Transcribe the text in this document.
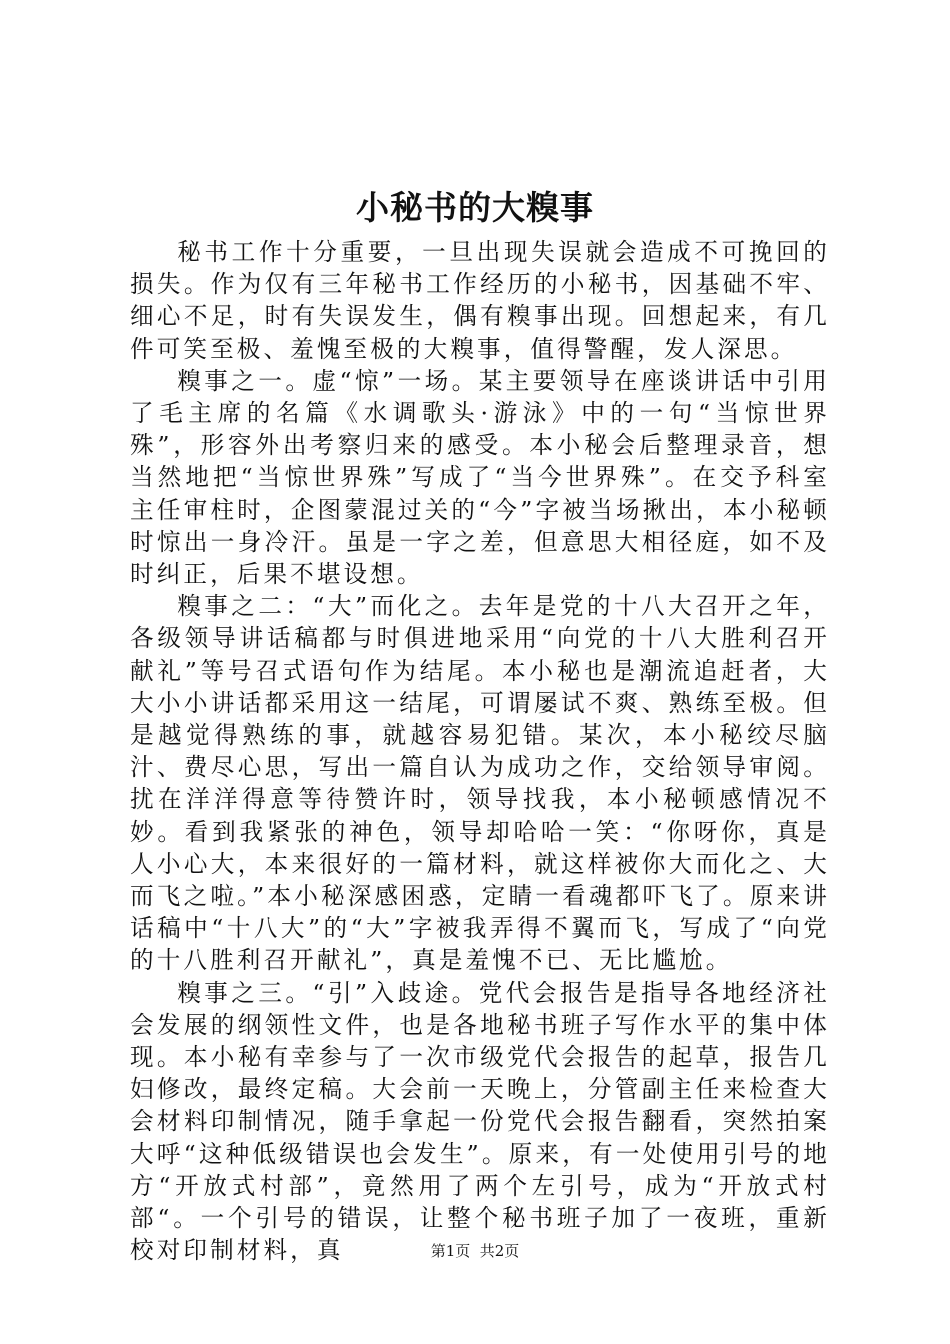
小秘书的大糗事

秘书工作十分重要，一旦出现失误就会造成不可挽回的损失。作为仅有三年秘书工作经历的小秘书，因基础不牢、细心不足，时有失误发生，偶有糗事出现。回想起来，有几件可笑至极、羞愧至极的大糗事，值得警醒，发人深思。

糗事之一。虚“惊”一场。某主要领导在座谈讲话中引用了毛主席的名篇《水调歌头·游泳》中的一句“当惊世界殊”，形容外出考察归来的感受。本小秘会后整理录音，想当然地把“当惊世界殊”写成了“当今世界殊”。在交予科室主任审柱时，企图蒙混过关的“今”字被当场揪出，本小秘顿时惊出一身冷汗。虽是一字之差，但意思大相径庭，如不及时纠正，后果不堪设想。

糗事之二：“大”而化之。去年是党的十八大召开之年，各级领导讲话稿都与时俱进地采用“向党的十八大胜利召开献礼”等号召式语句作为结尾。本小秘也是潮流追赶者，大大小小讲话都采用这一结尾，可谓屡试不爽、熟练至极。但是越觉得熟练的事，就越容易犯错。某次，本小秘绞尽脑汁、费尽心思，写出一篇自认为成功之作，交给领导审阅。扰在洋洋得意等待赞许时，领导找我，本小秘顿感情况不妙。看到我紧张的神色，领导却哈哈一笑：“你呀你，真是人小心大，本来很好的一篇材料，就这样被你大而化之、大而飞之啦。”本小秘深感困惑，定睛一看魂都吓飞了。原来讲话稿中“十八大”的“大”字被我弄得不翼而飞，写成了“向党的十八胜利召开献礼”，真是羞愧不已、无比尴尬。

糗事之三。“引”入歧途。党代会报告是指导各地经济社会发展的纲领性文件，也是各地秘书班子写作水平的集中体现。本小秘有幸参与了一次市级党代会报告的起草，报告几妇修改，最终定稿。大会前一天晚上，分管副主任来检查大会材料印制情况，随手拿起一份党代会报告翻看，突然拍案大呼“这种低级错误也会发生”。原来，有一处使用引号的地方“开放式村部”，竟然用了两个左引号，成为“开放式村部“。一个引号的错误，让整个秘书班子加了一夜班，重新校对印制材料，真	第1页  共2页
